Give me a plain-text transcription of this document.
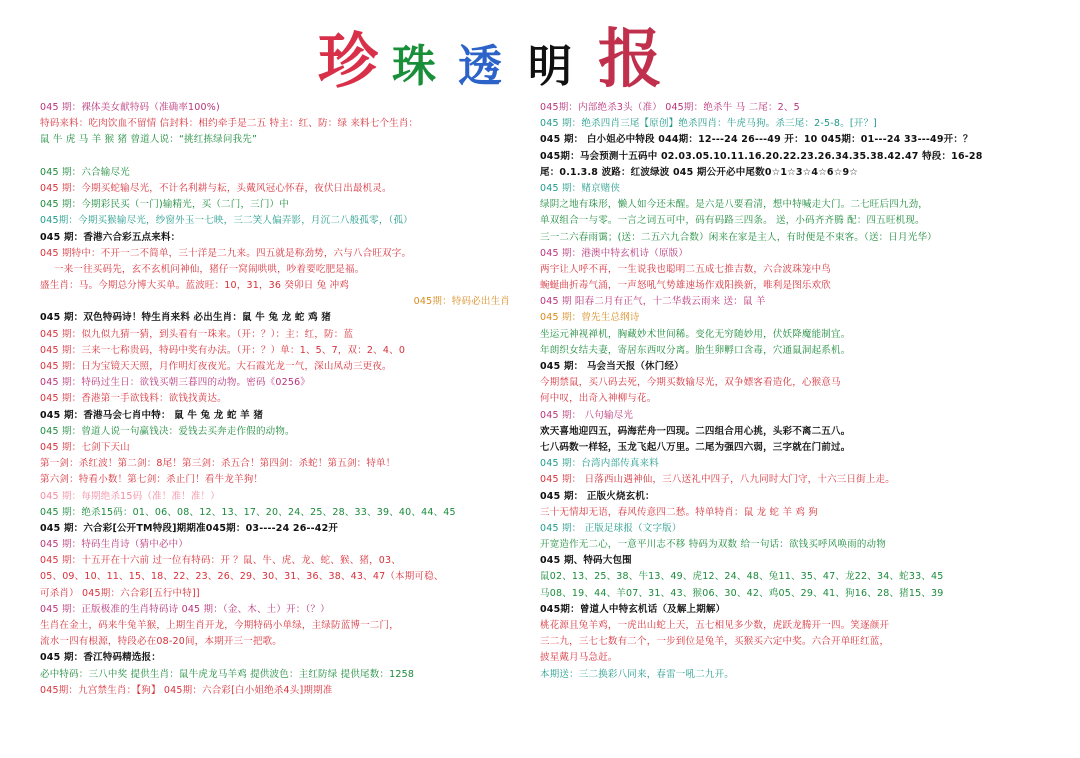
珍 珠 透 明 报
045 期：裸体美女献特码（准确率100%)
特码来料：吃肉饮血不留情 信封料：相约牵手是二五 特主：红、防：绿 来料七个生肖：
鼠 牛 虎 马 羊 猴 猪 曾道人说：“挑红拣绿问我先”
045 期：六合输尽光
045 期：今期买蛇输尽光，不计名利耕与耘，头戴风冠心怀春，夜伏日出最机灵。
045 期：今期彩民买（一门)输精光，买（二门，三门）中
045期：今期买猴输尽光，纱窗外玉一七映，三二笑人偏弄影，月沉二八般孤零，（孤）
045 期：香港六合彩五点来料：
045 期特中：不开一二不简单，三十洋是二九来。四五就是称劲势，六与八合旺双字。
一来一往买码先，玄不玄机问神仙，猪仔一窝闹哄哄，吵着要吃肥是福。
盛生肖：马。今期总分博大买单。蓝波旺：10，31，36 癸卯日 兔 冲鸡
045期：特码必出生肖
045 期：双色特码诗！特生肖来料 必出生肖：鼠 牛 兔 龙 蛇 鸡 猪
045 期：似九似九猜一猜，到头看有一珠来。（开：？）：主：红，防：蓝
045 期：三来一七称贵码，特码中奖有办法。（开：？）单：1、5、7，双：2、4、0
045 期：日为宝镜天天照，月作明灯夜夜光。大石霞光龙一气，深山凤动三更夜。
045 期：特码过生日：欲钱买朝三暮四的动物。密码《0256》
045 期：香港第一手欲钱料：欲钱找黄达。
045 期：香港马会七肖中特： 鼠 牛 兔 龙 蛇 羊 猪
045 期：曾道人说一句赢钱决：爱钱去买奔走作假的动物。
045 期：七剑下天山
第一剑：杀红波！第二剑：8尾！第三剑：杀五合！第四剑：杀蛇！第五剑：特单！
第六剑：特看小数！第七剑：杀止门！看牛龙羊狗！
045 期：每期绝杀15码（准！准！准！）
045 期：绝杀15码：01、06、08、12、13、17、20、24、25、28、33、39、40、44、45
045 期：六合彩[公开TM特段]期期准045期：03----24 26--42开
045 期：特码生肖诗（猜中必中）
045 期：十五开在十六前 过一位有特码：开 ？鼠、牛、虎、龙、蛇、猴、猪，03、
05、09、10、11、15、18、22、23、26、29、30、31、36、38、43、47（本期可稳、
可杀肖） 045期：六合彩[五行中特]]
045 期：正版极准的生肖特码诗 045 期：（金、木、土）开：（？）
生肖在金土，码来牛兔羊猴，上期生肖开龙，今期特码小单绿，主绿防蓝博一二门，
流水一四有根源，特段必在08-20间，本期开三一把歌。
045 期：香江特码精选报：
必中特码：三八中奖 提供生肖：鼠牛虎龙马羊鸡 提供波色：主红防绿 提供尾数：1258
045期：九宫禁生肖：【狗】 045期：六合彩[白小姐绝杀4头]期期准
045期：内部绝杀3头（准） 045期：绝杀牛 马 二尾：2、5
045 期：绝杀四肖三尾【原创】绝杀四肖：牛虎马狗。杀三尾：2-5-8。[开？]
045 期： 白小姐必中特段 044期：12---24 26---49 开：10 045期：01---24 33---49开：？
045期：马会预测十五码中 02.03.05.10.11.16.20.22.23.26.34.35.38.42.47 特段：16-28
尾：0.1.3.8 波路：红波绿波 045 期公开必中尾数0☆1☆3☆4☆6☆9☆
045 期：赌京赌侠
绿阴之地有珠形，懒人如今还未醒。是六是八要看清，想中特喊走大门。二七旺后四九劲，
单双组合一与零。一言之词五可中，码有码路三四条。 送，小码齐齐腾 配：四五旺机现。
三一二六春雨霭；(送：二五六九合数）闲来在家是主人，有时便是不束客。（送：日月光华）
045 期：港澳中特玄机诗（原版）
两宇让人呼不再，一生说我也聪明二五成七推吉数，六合波珠笼中鸟
蜿蜒曲折毒气涌，一声怒吼气势雄速场作戏阳换新，唯利是图乐欢欣
045 期 阳春二月有正气，十二华载云雨来 送：鼠 羊
045 期：曾先生总纲诗
坐运元神视禅机，胸藏妙术世间稀。变化无穷随妙用，伏妖降魔能制宜。
年朗织女结夫妻，寄居东西叹分离。胎生卵孵口含毒，穴通鼠洞起系机。
045 期： 马会当天报（休门经）
今期禁鼠，买八码去死，今期买数输尽光，双争嫖客看造化，心猴意马
何中叹，出奇入神柳与花。
045 期： 八句输尽光
欢天喜地迎四五，码海茫舟一四现。二四组合用心挑，头彩不离二五八。
七八码数一样轻，玉龙飞起八万里。二尾为强四六弱，三字就在门前过。
045 期：台湾内部传真来料
045 期： 日落西山遇神仙，三八送礼中四子，八九同时大门守，十六三日街上走。
045 期： 正版火烧玄机：
三十无情却无语，春风传意四二愁。特单特肖：鼠 龙 蛇 羊 鸡 狗
045 期： 正版足球报（文字版）
开宽造作无二心，一意平川志不移 特码为双数 给一句话：欲钱买呼风唤雨的动物
045 期、特码大包围
鼠02、13、25、38、牛13、49、虎12、24、48、兔11、35、47、龙22、34、蛇33、45
马08、19、44、羊07、31、43、猴06、30、42、鸡05、29、41、狗16、28、猪15、39
045期：曾道人中特玄机话（及解上期解）
桃花源且兔羊鸡，一虎出山蛇上天，五七相见多少数，虎跃龙腾开一四。笑逐颜开
三二九，三七七数有二个，一步到位是兔羊，买猴买六定中奖。六合开单旺红蓝，
披星戴月马急赶。
本期送：三二换彩八同来，春雷一吼二九开。
